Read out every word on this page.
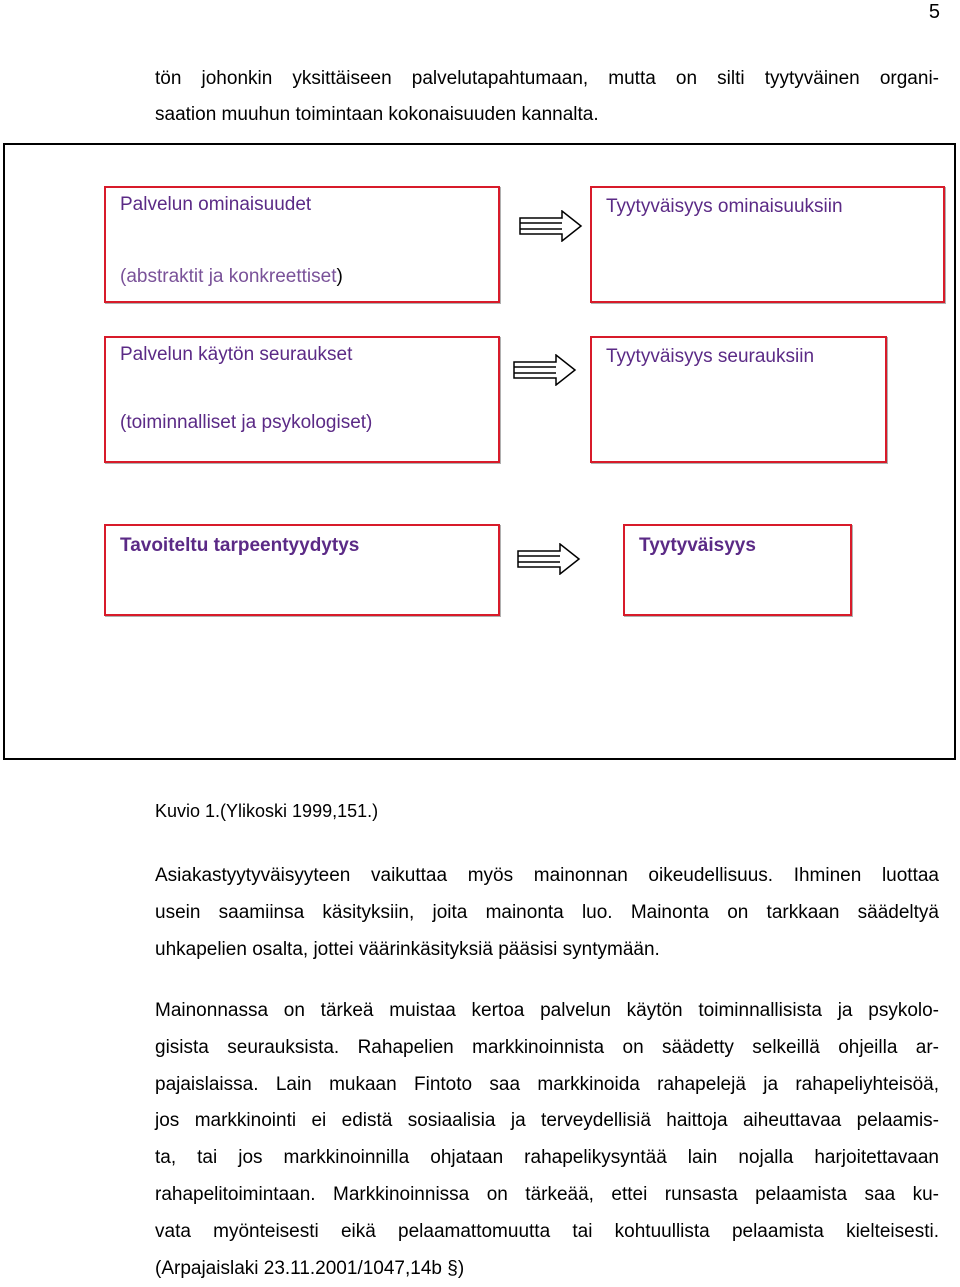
5
tön johonkin yksittäiseen palvelutapahtumaan, mutta on silti tyytyväinen organi-
saation muuhun toimintaan kokonaisuuden kannalta.
Palvelun ominaisuudet
(abstraktit ja konkreettiset)
Tyytyväisyys ominaisuuksiin
Palvelun käytön seuraukset
(toiminnalliset ja psykologiset)
Tyytyväisyys seurauksiin
Tavoiteltu tarpeentyydytys	Tyytyväisyys
Kuvio 1.(Ylikoski 1999,151.)
Asiakastyytyväisyyteen vaikuttaa myös mainonnan oikeudellisuus. Ihminen luottaa
usein saamiinsa käsityksiin, joita mainonta luo. Mainonta on tarkkaan säädeltyä
uhkapelien osalta, jottei väärinkäsityksiä pääsisi syntymään.
Mainonnassa on tärkeä muistaa kertoa palvelun käytön toiminnallisista ja psykolo-
gisista seurauksista. Rahapelien markkinoinnista on säädetty selkeillä ohjeilla ar-
pajaislaissa. Lain mukaan Fintoto saa markkinoida rahapelejä ja rahapeliyhteisöä,
jos markkinointi ei edistä sosiaalisia ja terveydellisiä haittoja aiheuttavaa pelaamis-
ta, tai jos markkinoinnilla ohjataan rahapelikysyntää lain nojalla harjoitettavaan
rahapelitoimintaan. Markkinoinnissa on tärkeää, ettei runsasta pelaamista saa ku-
vata myönteisesti eikä pelaamattomuutta tai kohtuullista pelaamista kielteisesti.
(Arpajaislaki 23.11.2001/1047,14b §)
